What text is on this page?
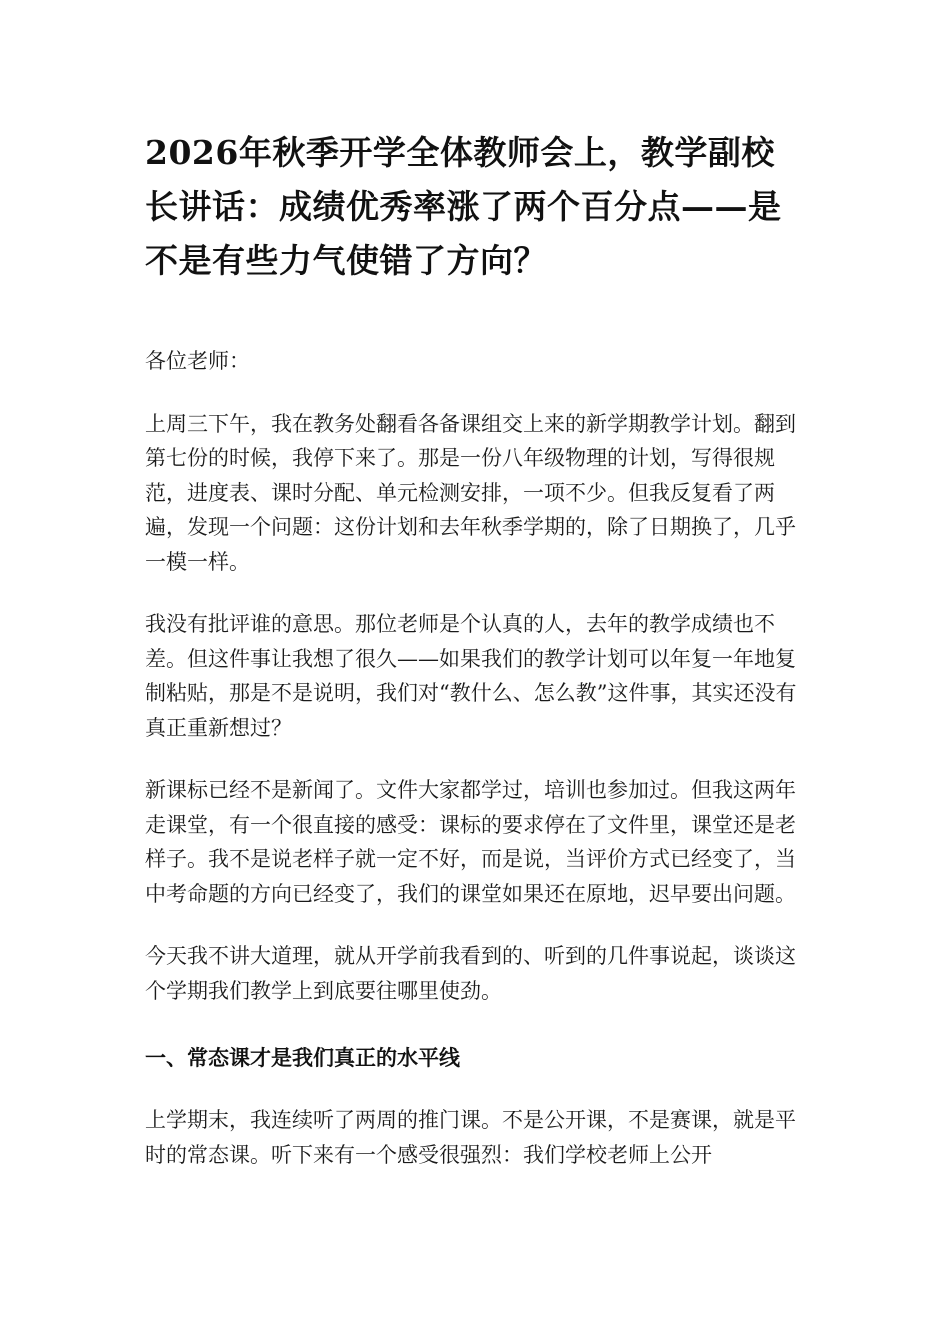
2026年秋季开学全体教师会上，教学副校长讲话：成绩优秀率涨了两个百分点——是不是有些力气使错了方向？

各位老师：

上周三下午，我在教务处翻看各备课组交上来的新学期教学计划。翻到第七份的时候，我停下来了。那是一份八年级物理的计划，写得很规范，进度表、课时分配、单元检测安排，一项不少。但我反复看了两遍，发现一个问题：这份计划和去年秋季学期的，除了日期换了，几乎一模一样。

我没有批评谁的意思。那位老师是个认真的人，去年的教学成绩也不差。但这件事让我想了很久——如果我们的教学计划可以年复一年地复制粘贴，那是不是说明，我们对“教什么、怎么教”这件事，其实还没有真正重新想过？

新课标已经不是新闻了。文件大家都学过，培训也参加过。但我这两年走课堂，有一个很直接的感受：课标的要求停在了文件里，课堂还是老样子。我不是说老样子就一定不好，而是说，当评价方式已经变了，当中考命题的方向已经变了，我们的课堂如果还在原地，迟早要出问题。

今天我不讲大道理，就从开学前我看到的、听到的几件事说起，谈谈这个学期我们教学上到底要往哪里使劲。

一、常态课才是我们真正的水平线

上学期末，我连续听了两周的推门课。不是公开课，不是赛课，就是平时的常态课。听下来有一个感受很强烈：我们学校老师上公开
